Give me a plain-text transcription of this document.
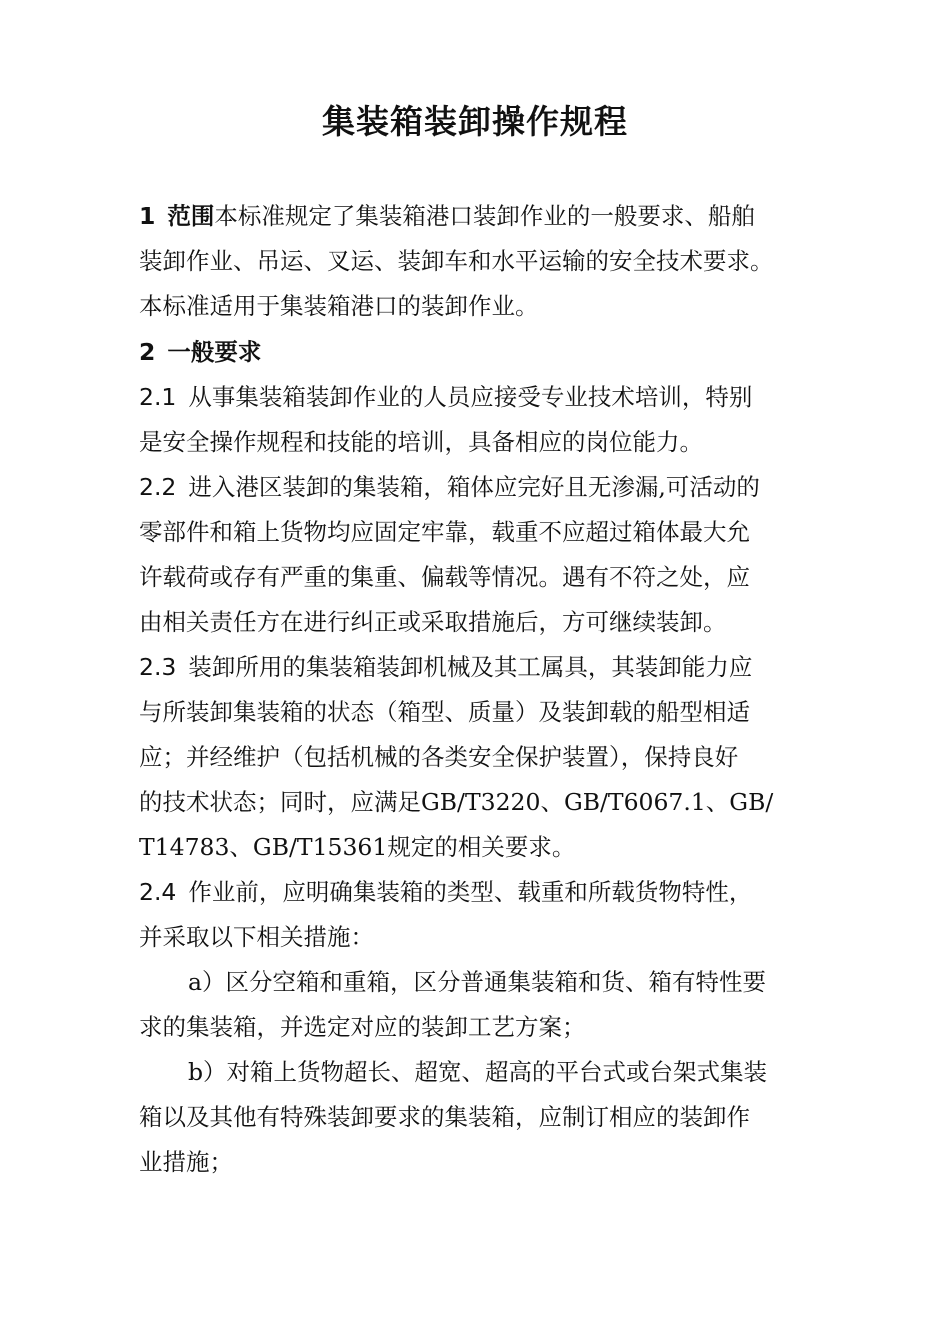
集装箱装卸操作规程

1 范围本标准规定了集装箱港口装卸作业的一般要求、船舶

装卸作业、吊运、叉运、装卸车和水平运输的安全技术要求。

本标准适用于集装箱港口的装卸作业。

2 一般要求

2.1 从事集装箱装卸作业的人员应接受专业技术培训，特别

是安全操作规程和技能的培训，具备相应的岗位能力。

2.2 进入港区装卸的集装箱，箱体应完好且无渗漏,可活动的

零部件和箱上货物均应固定牢靠，载重不应超过箱体最大允

许载荷或存有严重的集重、偏载等情况。遇有不符之处，应

由相关责任方在进行纠正或采取措施后，方可继续装卸。

2.3 装卸所用的集装箱装卸机械及其工属具，其装卸能力应

与所装卸集装箱的状态（箱型、质量）及装卸载的船型相适

应；并经维护（包括机械的各类安全保护装置），保持良好

的技术状态；同时，应满足GB/T3220、GB/T6067.1、GB/

T14783、GB/T15361规定的相关要求。

2.4 作业前，应明确集装箱的类型、载重和所载货物特性，

并采取以下相关措施：

a）区分空箱和重箱，区分普通集装箱和货、箱有特性要

求的集装箱，并选定对应的装卸工艺方案；

b）对箱上货物超长、超宽、超高的平台式或台架式集装

箱以及其他有特殊装卸要求的集装箱，应制订相应的装卸作

业措施；
